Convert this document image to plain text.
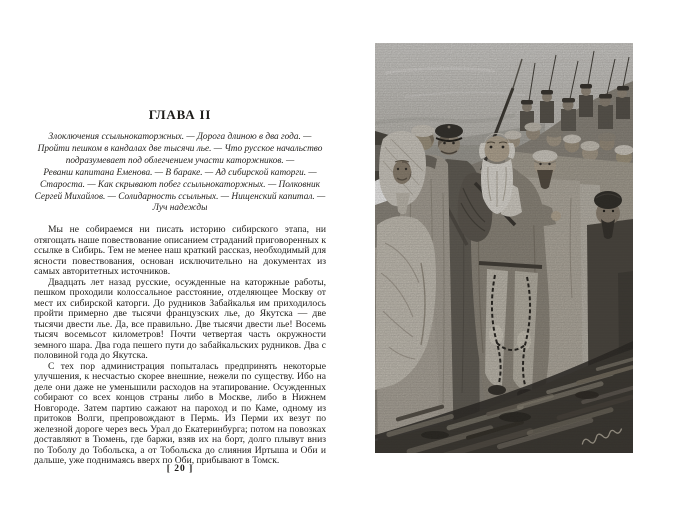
ГЛАВА II
Злоключения ссыльнокаторжных. — Дорога длиною в два года. —
Пройти пешком в кандалах две тысячи лье. — Что русское начальство
подразумевает под облегчением участи каторжников. —
Реванш капитана Еменова. — В бараке. — Ад сибирской каторги. —
Староста. — Как скрывают побег ссыльнокаторжных. — Полковник
Сергей Михайлов. — Солидарность ссыльных. — Нищенский капитал. —
Луч надежды

Мы не собираемся ни писать историю сибирского этапа, ни отягощать наше повествование описанием страданий приговоренных к ссылке в Сибирь. Тем не менее наш краткий рассказ, необходимый для ясности повествования, основан исключительно на документах из самых авторитетных источников.

Двадцать лет назад русские, осужденные на каторжные работы, пешком проходили колоссальное расстояние, отделяющее Москву от мест их сибирской каторги. До рудников Забайкалья им приходилось пройти примерно две тысячи французских лье, до Якутска — две тысячи двести лье. Да, все правильно. Две тысячи двести лье! Восемь тысяч восемьсот километров! Почти четвертая часть окружности земного шара. Два года пешего пути до забайкальских рудников. Два с половиной года до Якутска.

С тех пор администрация попыталась предпринять некоторые улучшения, к несчастью скорее внешние, нежели по существу. Ибо на деле они даже не уменьшили расходов на этапирование. Осужденных собирают со всех концов страны либо в Москве, либо в Нижнем Новгороде. Затем партию сажают на пароход и по Каме, одному из притоков Волги, препровождают в Пермь. Из Перми их везут по железной дороге через весь Урал до Екатеринбурга; потом на повозках доставляют в Тюмень, где баржи, взяв их на борт, долго плывут вниз по Тоболу до Тобольска, а от Тобольска до слияния Иртыша и Оби и дальше, уже поднимаясь вверх по Оби, прибывают в Томск.

[ 20 ]
